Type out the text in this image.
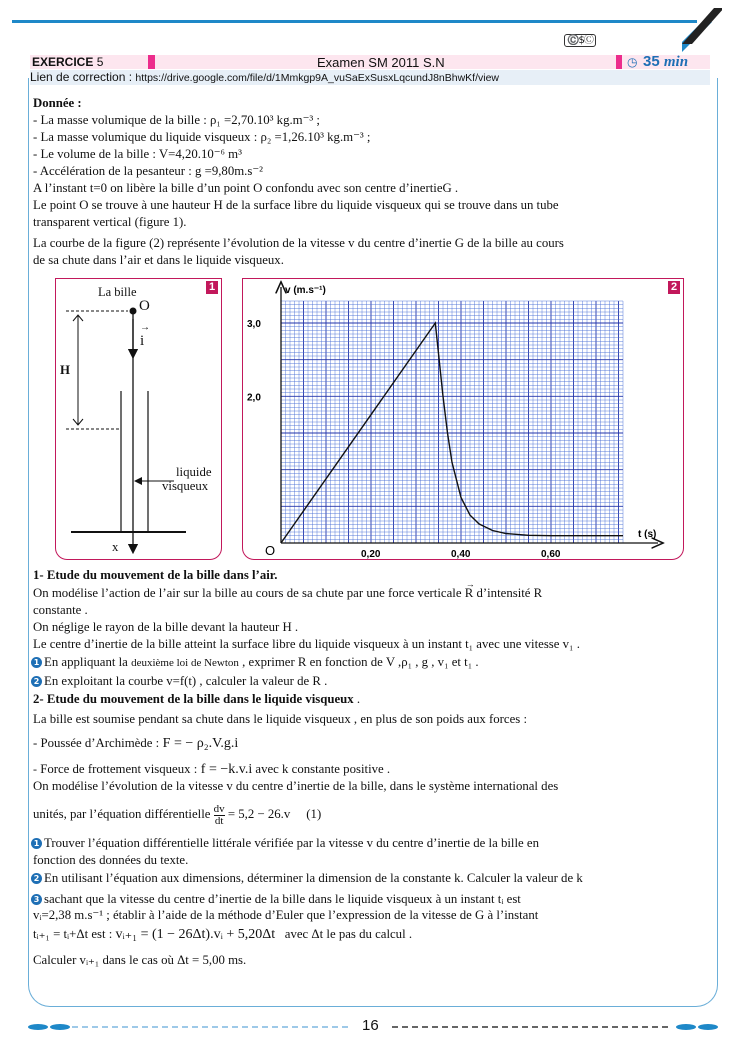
©️$Ⓒ
EXERCICE 5	Examen SM 2011 S.N	◷ 35 min
Lien de correction : https://drive.google.com/file/d/1Mmkgp9A_vuSaExSusxLqcundJ8nBhwKf/view
Donnée :
- La masse volumique de la bille : ρ₁ =2,70.10³ kg.m⁻³ ;
- La masse volumique du liquide visqueux : ρ₂ =1,26.10³ kg.m⁻³ ;
- Le volume de la bille : V=4,20.10⁻⁶ m³
- Accélération de la pesanteur : g =9,80m.s⁻²
A l’instant t=0 on libère la bille d’un point O confondu avec son centre d’inertieG .
Le point O se trouve à une hauteur H de la surface libre du liquide visqueux qui se trouve dans un tube
transparent vertical (figure 1).
La courbe de la figure (2) représente l’évolution de la vitesse v du centre d’inertie G de la bille au cours
de sa chute dans l’air et dans le liquide visqueux.
1
La bille
O
i
→
H
liquide
visqueux
x
2
0,20	0,40	0,60
2,0
3,0
v (m.s⁻¹)
t (s)
O
1- Etude du mouvement de la bille dans l’air.
On modélise l’action de l’air sur la bille au cours de sa chute par une force verticale
→
R d’intensité R
constante .
On néglige le rayon de la bille devant la hauteur H .
Le centre d’inertie de la bille atteint la surface libre du liquide visqueux à un instant t₁ avec une vitesse v₁ .
1 En appliquant la deuxième loi de Newton , exprimer R en fonction de V ,ρ₁ , g , v₁ et t₁ .
2 En exploitant la courbe v=f(t) , calculer la valeur de R .
2- Etude du mouvement de la bille dans le liquide visqueux .
La bille est soumise pendant sa chute dans le liquide visqueux , en plus de son poids aux forces :
- Poussée d’Archimède : F = − ρ₂.V.g.i
- Force de frottement visqueux : f = −k.v.i avec k constante positive .
On modélise l’évolution de la vitesse v du centre d’inertie de la bille, dans le système international des
unités, par l’équation différentielle $\frac{dv}{dt} = 5,2 - 26.v$ (1)
1 Trouver l’équation différentielle littérale vérifiée par la vitesse v du centre d’inertie de la bille en
fonction des données du texte.
2 En utilisant l’équation aux dimensions, déterminer la dimension de la constante k. Calculer la valeur de k
3 sachant que la vitesse du centre d’inertie de la bille dans le liquide visqueux à un instant tᵢ est
vᵢ=2,38 m.s⁻¹ ; établir à l’aide de la méthode d’Euler que l’expression de la vitesse de G à l’instant
tᵢ₊₁ = tᵢ+Δt est : vᵢ₊₁ = (1 − 26Δt).vᵢ + 5,20Δt avec Δt le pas du calcul .
Calculer vᵢ₊₁ dans le cas où Δt = 5,00 ms.
16
